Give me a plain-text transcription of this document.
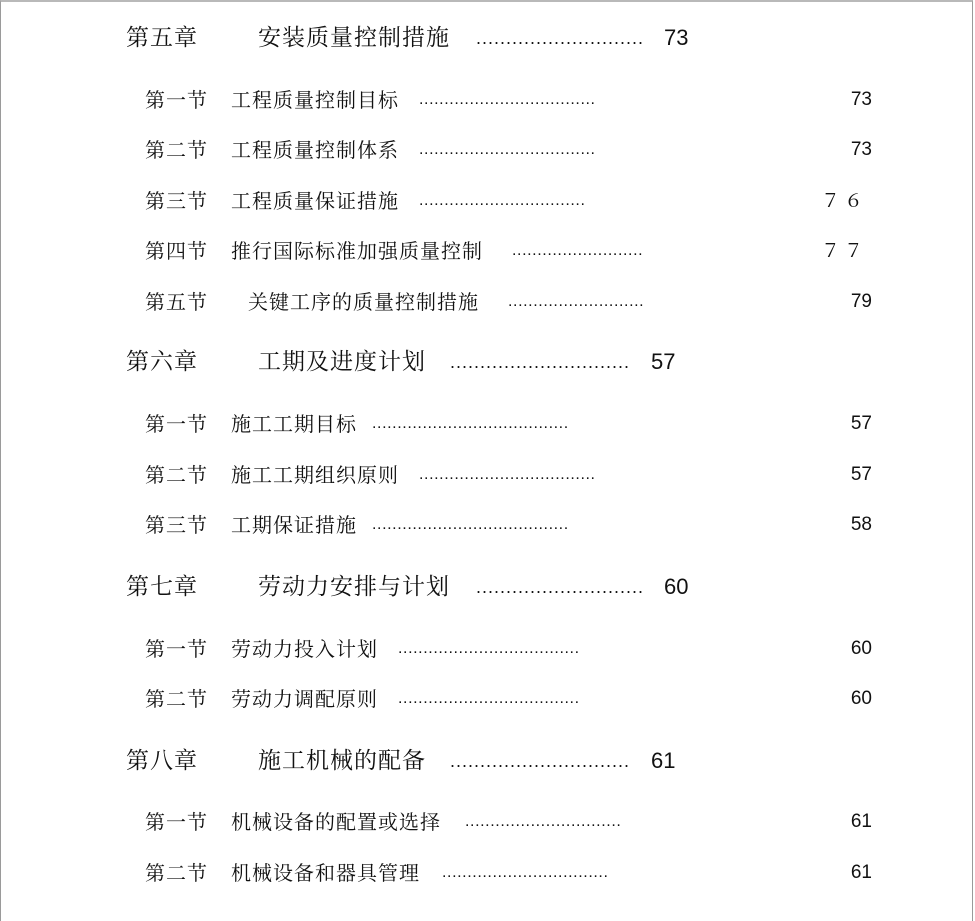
第五章	安装质量控制措施 ............................ 73
第一节 工程质量控制目标 ...................................	73
第二节 工程质量控制体系 ...................................	73
第三节 工程质量保证措施 .................................	７６
第四节 推行国际标准加强质量控制 ..........................	７７
第五节 关键工序的质量控制措施 ...........................	79
第六章	工期及进度计划 .............................. 57
第一节 施工工期目标 .......................................	57
第二节 施工工期组织原则 ...................................	57
第三节 工期保证措施 .......................................	58
第七章	劳动力安排与计划 ............................ 60
第一节 劳动力投入计划 ....................................	60
第二节 劳动力调配原则 ....................................	60
第八章	施工机械的配备 .............................. 61
第一节 机械设备的配置或选择 ...............................	61
第二节 机械设备和器具管理 .................................	61
